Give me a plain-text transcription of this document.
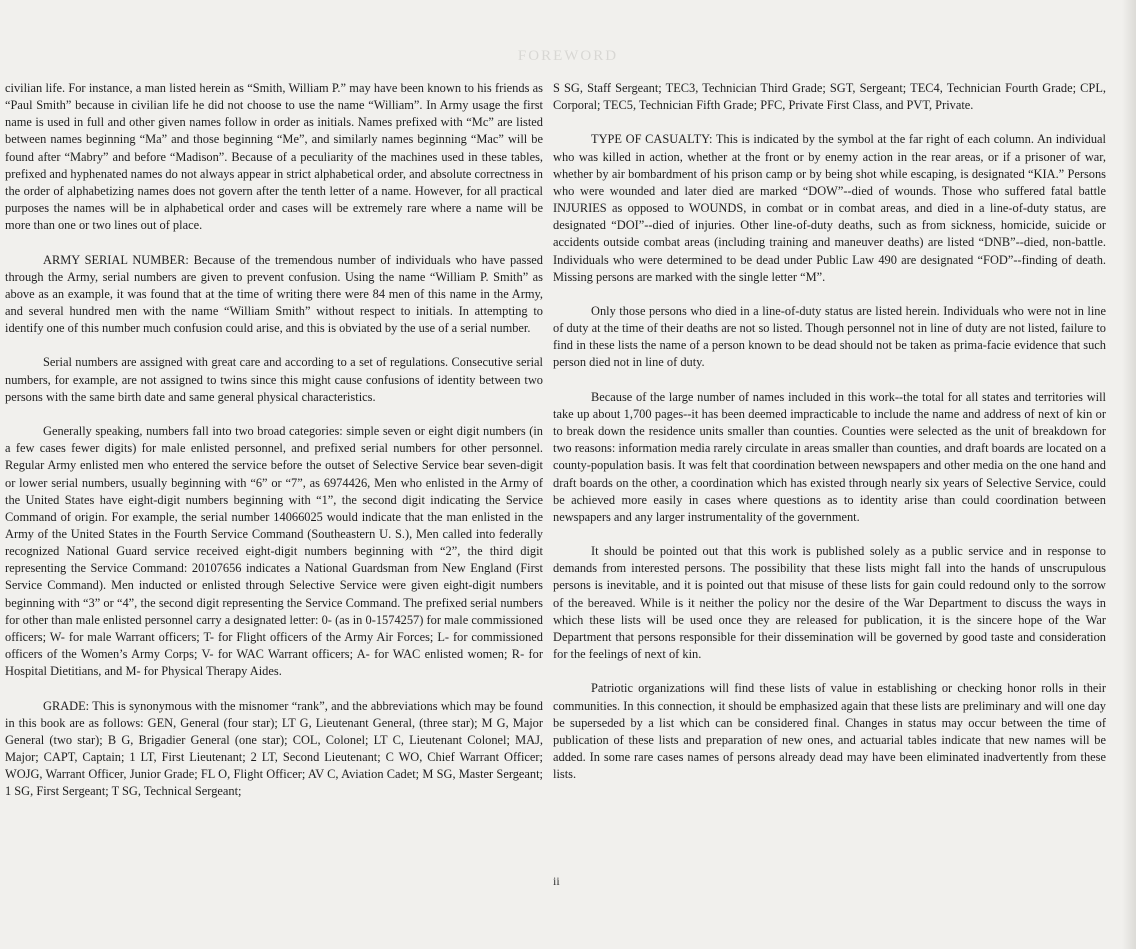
FOREWORD

civilian life. For instance, a man listed herein as “Smith, William P.” may have been known to his friends as “Paul Smith” because in civilian life he did not choose to use the name “William”. In Army usage the first name is used in full and other given names follow in order as initials. Names prefixed with “Mc” are listed between names beginning “Ma” and those beginning “Me”, and similarly names beginning “Mac” will be found after “Mabry” and before “Madison”. Because of a peculiarity of the machines used in these tables, prefixed and hyphenated names do not always appear in strict alphabetical order, and absolute correctness in the order of alphabetizing names does not govern after the tenth letter of a name. However, for all practical purposes the names will be in alphabetical order and cases will be extremely rare where a name will be more than one or two lines out of place.

ARMY SERIAL NUMBER: Because of the tremendous number of individuals who have passed through the Army, serial numbers are given to prevent confusion. Using the name “William P. Smith” as above as an example, it was found that at the time of writing there were 84 men of this name in the Army, and several hundred men with the name “William Smith” without respect to initials. In attempting to identify one of this number much confusion could arise, and this is obviated by the use of a serial number.

Serial numbers are assigned with great care and according to a set of regulations. Consecutive serial numbers, for example, are not assigned to twins since this might cause confusions of identity between two persons with the same birth date and same general physical characteristics.

Generally speaking, numbers fall into two broad categories: simple seven or eight digit numbers (in a few cases fewer digits) for male enlisted personnel, and prefixed serial numbers for other personnel. Regular Army enlisted men who entered the service before the outset of Selective Service bear seven-digit or lower serial numbers, usually beginning with “6” or “7”, as 6974426, Men who enlisted in the Army of the United States have eight-digit numbers beginning with “1”, the second digit indicating the Service Command of origin. For example, the serial number 14066025 would indicate that the man enlisted in the Army of the United States in the Fourth Service Command (Southeastern U. S.), Men called into federally recognized National Guard service received eight-digit numbers beginning with “2”, the third digit representing the Service Command: 20107656 indicates a National Guardsman from New England (First Service Command). Men inducted or enlisted through Selective Service were given eight-digit numbers beginning with “3” or “4”, the second digit representing the Service Command. The prefixed serial numbers for other than male enlisted personnel carry a designated letter: 0- (as in 0-1574257) for male commissioned officers; W- for male Warrant officers; T- for Flight officers of the Army Air Forces; L- for commissioned officers of the Women’s Army Corps; V- for WAC Warrant officers; A- for WAC enlisted women; R- for Hospital Dietitians, and M- for Physical Therapy Aides.

GRADE: This is synonymous with the misnomer “rank”, and the abbreviations which may be found in this book are as follows: GEN, General (four star); LT G, Lieutenant General, (three star); M G, Major General (two star); B G, Brigadier General (one star); COL, Colonel; LT C, Lieutenant Colonel; MAJ, Major; CAPT, Captain; 1 LT, First Lieutenant; 2 LT, Second Lieutenant; C WO, Chief Warrant Officer; WOJG, Warrant Officer, Junior Grade; FL O, Flight Officer; AV C, Aviation Cadet; M SG, Master Sergeant; 1 SG, First Sergeant; T SG, Technical Sergeant;

S SG, Staff Sergeant; TEC3, Technician Third Grade; SGT, Sergeant; TEC4, Technician Fourth Grade; CPL, Corporal; TEC5, Technician Fifth Grade; PFC, Private First Class, and PVT, Private.

TYPE OF CASUALTY: This is indicated by the symbol at the far right of each column. An individual who was killed in action, whether at the front or by enemy action in the rear areas, or if a prisoner of war, whether by air bombardment of his prison camp or by being shot while escaping, is designated “KIA.” Persons who were wounded and later died are marked “DOW”--died of wounds. Those who suffered fatal battle INJURIES as opposed to WOUNDS, in combat or in combat areas, and died in a line-of-duty status, are designated “DOI”--died of injuries. Other line-of-duty deaths, such as from sickness, homicide, suicide or accidents outside combat areas (including training and maneuver deaths) are listed “DNB”--died, non-battle. Individuals who were determined to be dead under Public Law 490 are designated “FOD”--finding of death. Missing persons are marked with the single letter “M”.

Only those persons who died in a line-of-duty status are listed herein. Individuals who were not in line of duty at the time of their deaths are not so listed. Though personnel not in line of duty are not listed, failure to find in these lists the name of a person known to be dead should not be taken as prima-facie evidence that such person died not in line of duty.

Because of the large number of names included in this work--the total for all states and territories will take up about 1,700 pages--it has been deemed impracticable to include the name and address of next of kin or to break down the residence units smaller than counties. Counties were selected as the unit of breakdown for two reasons: information media rarely circulate in areas smaller than counties, and draft boards are located on a county-population basis. It was felt that coordination between newspapers and other media on the one hand and draft boards on the other, a coordination which has existed through nearly six years of Selective Service, could be achieved more easily in cases where questions as to identity arise than could coordination between newspapers and any larger instrumentality of the government.

It should be pointed out that this work is published solely as a public service and in response to demands from interested persons. The possibility that these lists might fall into the hands of unscrupulous persons is inevitable, and it is pointed out that misuse of these lists for gain could redound only to the sorrow of the bereaved. While is it neither the policy nor the desire of the War Department to discuss the ways in which these lists will be used once they are released for publication, it is the sincere hope of the War Department that persons responsible for their dissemination will be governed by good taste and consideration for the feelings of next of kin.

Patriotic organizations will find these lists of value in establishing or checking honor rolls in their communities. In this connection, it should be emphasized again that these lists are preliminary and will one day be superseded by a list which can be considered final. Changes in status may occur between the time of publication of these lists and preparation of new ones, and actuarial tables indicate that new names will be added. In some rare cases names of persons already dead may have been eliminated inadvertently from these lists.

ii
